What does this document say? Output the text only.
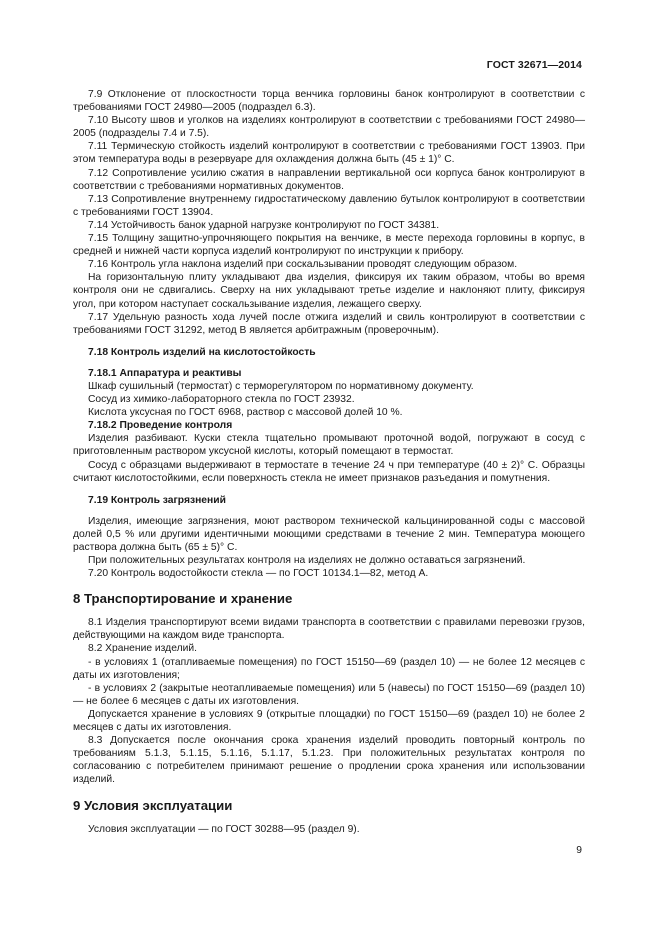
ГОСТ 32671—2014

7.9 Отклонение от плоскостности торца венчика горловины банок контролируют в соответствии с требованиями ГОСТ 24980—2005 (подраздел 6.3).

7.10 Высоту швов и уголков на изделиях контролируют в соответствии с требованиями ГОСТ 24980—2005 (подразделы 7.4 и 7.5).

7.11 Термическую стойкость изделий контролируют в соответствии с требованиями ГОСТ 13903. При этом температура воды в резервуаре для охлаждения должна быть (45 ± 1)° С.

7.12 Сопротивление усилию сжатия в направлении вертикальной оси корпуса банок контролируют в соответствии с требованиями нормативных документов.

7.13 Сопротивление внутреннему гидростатическому давлению бутылок контролируют в соответствии с требованиями ГОСТ 13904.

7.14 Устойчивость банок ударной нагрузке контролируют по ГОСТ 34381.

7.15 Толщину защитно-упрочняющего покрытия на венчике, в месте перехода горловины в корпус, в средней и нижней части корпуса изделий контролируют по инструкции к прибору.

7.16 Контроль угла наклона изделий при соскальзывании проводят следующим образом.

На горизонтальную плиту укладывают два изделия, фиксируя их таким образом, чтобы во время контроля они не сдвигались. Сверху на них укладывают третье изделие и наклоняют плиту, фиксируя угол, при котором наступает соскальзывание изделия, лежащего сверху.

7.17 Удельную разность хода лучей после отжига изделий и свиль контролируют в соответствии с требованиями ГОСТ 31292, метод В является арбитражным (проверочным).

7.18 Контроль изделий на кислотостойкость
7.18.1 Аппаратура и реактивы

Шкаф сушильный (термостат) с терморегулятором по нормативному документу.

Сосуд из химико-лабораторного стекла по ГОСТ 23932.

Кислота уксусная по ГОСТ 6968, раствор с массовой долей 10 %.

7.18.2 Проведение контроля

Изделия разбивают. Куски стекла тщательно промывают проточной водой, погружают в сосуд с приготовленным раствором уксусной кислоты, который помещают в термостат.

Сосуд с образцами выдерживают в термостате в течение 24 ч при температуре (40 ± 2)° С. Образцы считают кислотостойкими, если поверхность стекла не имеет признаков разъедания и помутнения.

7.19 Контроль загрязнений

Изделия, имеющие загрязнения, моют раствором технической кальцинированной соды с массовой долей 0,5 % или другими идентичными моющими средствами в течение 2 мин. Температура моющего раствора должна быть (65 ± 5)° С.

При положительных результатах контроля на изделиях не должно оставаться загрязнений.

7.20 Контроль водостойкости стекла — по ГОСТ 10134.1—82, метод А.

8 Транспортирование и хранение

8.1 Изделия транспортируют всеми видами транспорта в соответствии с правилами перевозки грузов, действующими на каждом виде транспорта.

8.2 Хранение изделий.

- в условиях 1 (отапливаемые помещения) по ГОСТ 15150—69 (раздел 10) — не более 12 месяцев с даты их изготовления;

- в условиях 2 (закрытые неотапливаемые помещения) или 5 (навесы) по ГОСТ 15150—69 (раздел 10) — не более 6 месяцев с даты их изготовления.

Допускается хранение в условиях 9 (открытые площадки) по ГОСТ 15150—69 (раздел 10) не более 2 месяцев с даты их изготовления.

8.3 Допускается после окончания срока хранения изделий проводить повторный контроль по требованиям 5.1.3, 5.1.15, 5.1.16, 5.1.17, 5.1.23. При положительных результатах контроля по согласованию с потребителем принимают решение о продлении срока хранения или использовании изделий.

9 Условия эксплуатации

Условия эксплуатации — по ГОСТ 30288—95 (раздел 9).

9
